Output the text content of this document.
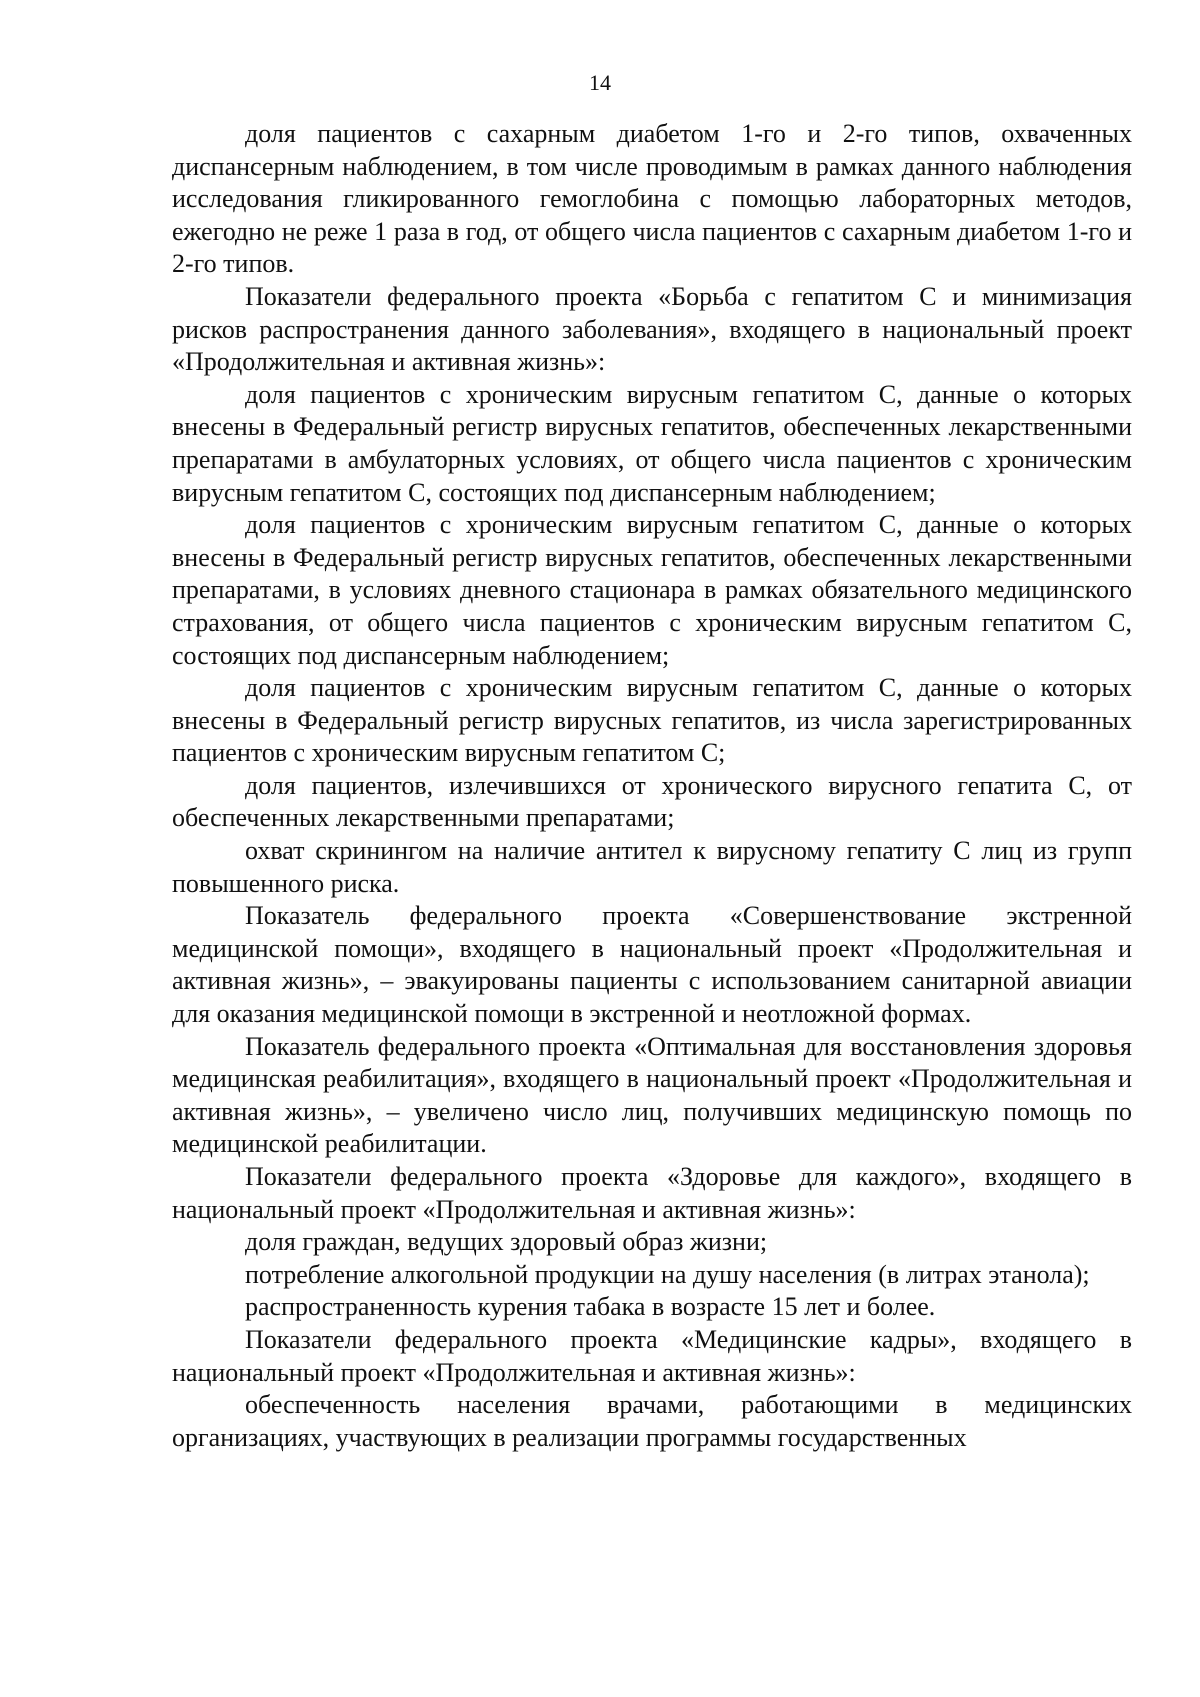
14

доля пациентов с сахарным диабетом 1-го и 2-го типов, охваченных диспансерным наблюдением, в том числе проводимым в рамках данного наблюдения исследования гликированного гемоглобина с помощью лабораторных методов, ежегодно не реже 1 раза в год, от общего числа пациентов с сахарным диабетом 1-го и 2-го типов.

Показатели федерального проекта «Борьба с гепатитом С и минимизация рисков распространения данного заболевания», входящего в национальный проект «Продолжительная и активная жизнь»:

доля пациентов с хроническим вирусным гепатитом С, данные о которых внесены в Федеральный регистр вирусных гепатитов, обеспеченных лекарственными препаратами в амбулаторных условиях, от общего числа пациентов с хроническим вирусным гепатитом С, состоящих под диспансерным наблюдением;

доля пациентов с хроническим вирусным гепатитом С, данные о которых внесены в Федеральный регистр вирусных гепатитов, обеспеченных лекарственными препаратами, в условиях дневного стационара в рамках обязательного медицинского страхования, от общего числа пациентов с хроническим вирусным гепатитом С, состоящих под диспансерным наблюдением;

доля пациентов с хроническим вирусным гепатитом С, данные о которых внесены в Федеральный регистр вирусных гепатитов, из числа зарегистрированных пациентов с хроническим вирусным гепатитом С;

доля пациентов, излечившихся от хронического вирусного гепатита С, от обеспеченных лекарственными препаратами;

охват скринингом на наличие антител к вирусному гепатиту С лиц из групп повышенного риска.

Показатель федерального проекта «Совершенствование экстренной медицинской помощи», входящего в национальный проект «Продолжительная и активная жизнь», – эвакуированы пациенты с использованием санитарной авиации для оказания медицинской помощи в экстренной и неотложной формах.

Показатель федерального проекта «Оптимальная для восстановления здоровья медицинская реабилитация», входящего в национальный проект «Продолжительная и активная жизнь», – увеличено число лиц, получивших медицинскую помощь по медицинской реабилитации.

Показатели федерального проекта «Здоровье для каждого», входящего в национальный проект «Продолжительная и активная жизнь»:

доля граждан, ведущих здоровый образ жизни;

потребление алкогольной продукции на душу населения (в литрах этанола);

распространенность курения табака в возрасте 15 лет и более.

Показатели федерального проекта «Медицинские кадры», входящего в национальный проект «Продолжительная и активная жизнь»:

обеспеченность населения врачами, работающими в медицинских организациях, участвующих в реализации программы государственных
